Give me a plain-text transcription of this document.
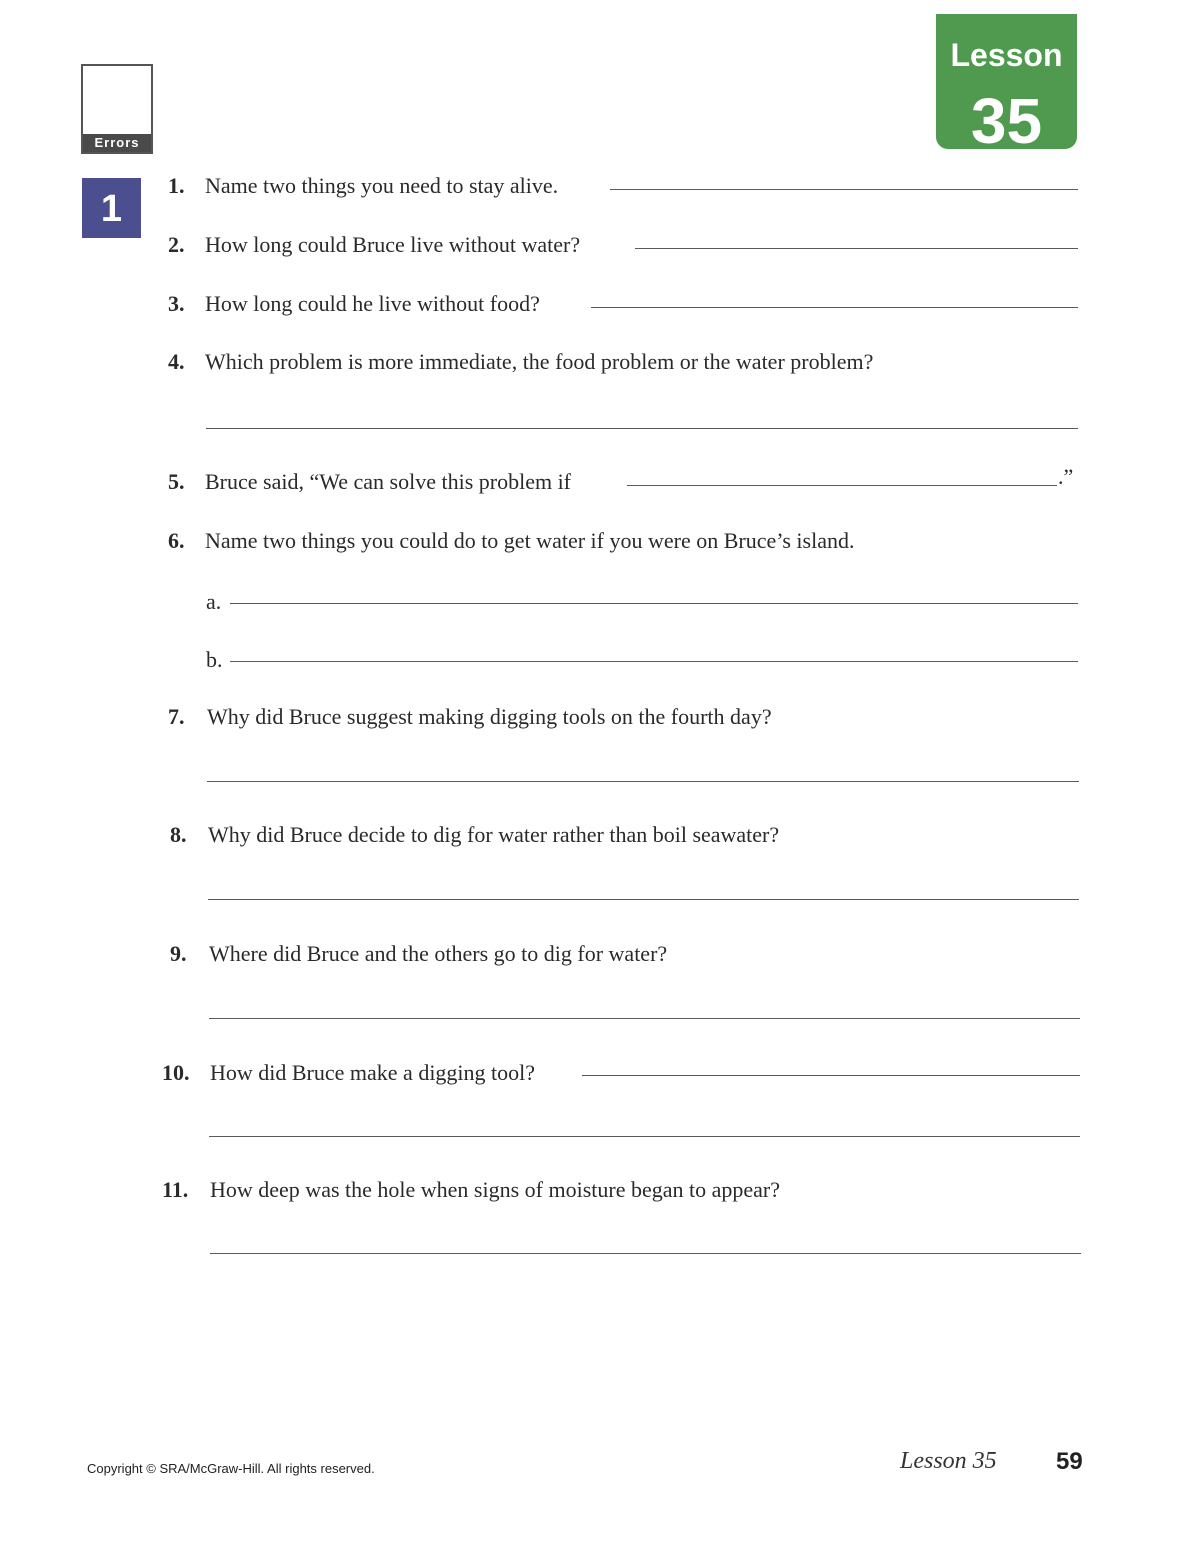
Errors
1
Lesson
35
1. Name two things you need to stay alive.
2. How long could Bruce live without water?
3. How long could he live without food?
4. Which problem is more immediate, the food problem or the water problem?
5. Bruce said, “We can solve this problem if	.”
6. Name two things you could do to get water if you were on Bruce’s island.
a.
b.
7. Why did Bruce suggest making digging tools on the fourth day?
8. Why did Bruce decide to dig for water rather than boil seawater?
9. Where did Bruce and the others go to dig for water?
10. How did Bruce make a digging tool?
11. How deep was the hole when signs of moisture began to appear?
Copyright © SRA/McGraw-Hill. All rights reserved.	Lesson 35 59
